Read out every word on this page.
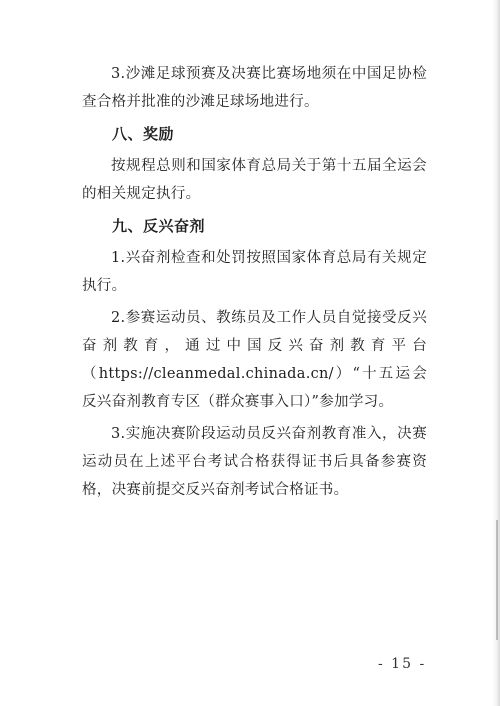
3.沙滩足球预赛及决赛比赛场地须在中国足协检查合格并批准的沙滩足球场地进行。

八、奖励

按规程总则和国家体育总局关于第十五届全运会的相关规定执行。

九、反兴奋剂

1.兴奋剂检查和处罚按照国家体育总局有关规定执行。

2.参赛运动员、教练员及工作人员自觉接受反兴奋剂教育，通过中国反兴奋剂教育平台（https://cleanmedal.chinada.cn/）“十五运会反兴奋剂教育专区（群众赛事入口）”参加学习。

3.实施决赛阶段运动员反兴奋剂教育准入，决赛运动员在上述平台考试合格获得证书后具备参赛资格，决赛前提交反兴奋剂考试合格证书。

- 15 -
